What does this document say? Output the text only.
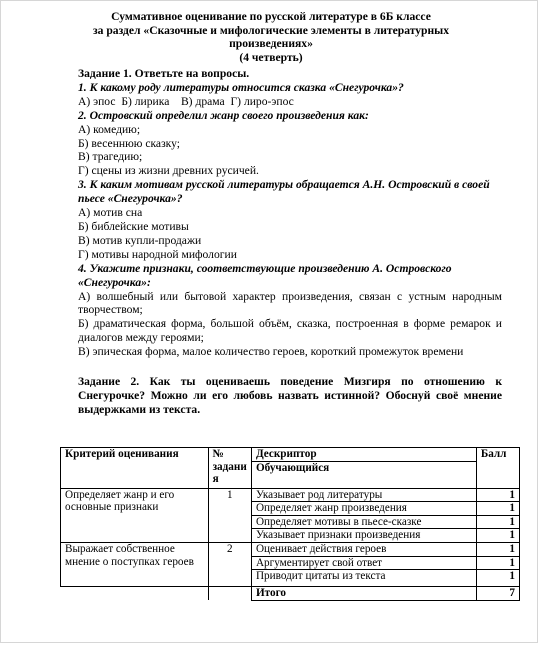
Суммативное оценивание по русской литературе в 6Б классе
за раздел «Сказочные и мифологические элементы в литературных
произведениях»
(4 четверть)

Задание 1. Ответьте на вопросы.

1. К какому роду литературы относится сказка «Снегурочка»?

А) эпос  Б) лирика    В) драма  Г) лиро-эпос

2. Островский определил жанр своего произведения как:

А) комедию;

Б) весеннюю сказку;

В) трагедию;

Г) сцены из жизни древних русичей.

3. К каким мотивам русской литературы обращается А.Н. Островский в своей пьесе «Снегурочка»?

А) мотив сна

Б) библейские мотивы

В) мотив купли-продажи

Г) мотивы народной мифологии

4. Укажите признаки, соответствующие произведению А. Островского «Снегурочка»:

А) волшебный или бытовой характер произведения, связан с устным народным творчеством;

Б) драматическая форма, большой объём, сказка, построенная в форме ремарок и диалогов между героями;

В) эпическая форма, малое количество героев, короткий промежуток времени

Задание 2. Как ты оцениваешь поведение Мизгиря по отношению к Снегурочке? Можно ли его любовь назвать истинной? Обоснуй своё мнение выдержками из текста.
Критерий оценивания	№ задани я	Дескриптор	Балл
		Обучающийся	
Определяет жанр и его основные признаки	1	Указывает род литературы	1
		Определяет жанр произведения	1
		Определяет мотивы в пьесе-сказке	1
		Указывает признаки произведения	1
Выражает собственное мнение о поступках героев	2	Оценивает действия героев	1
		Аргументирует свой ответ	1
		Приводит цитаты из текста	1
		Итого	7
